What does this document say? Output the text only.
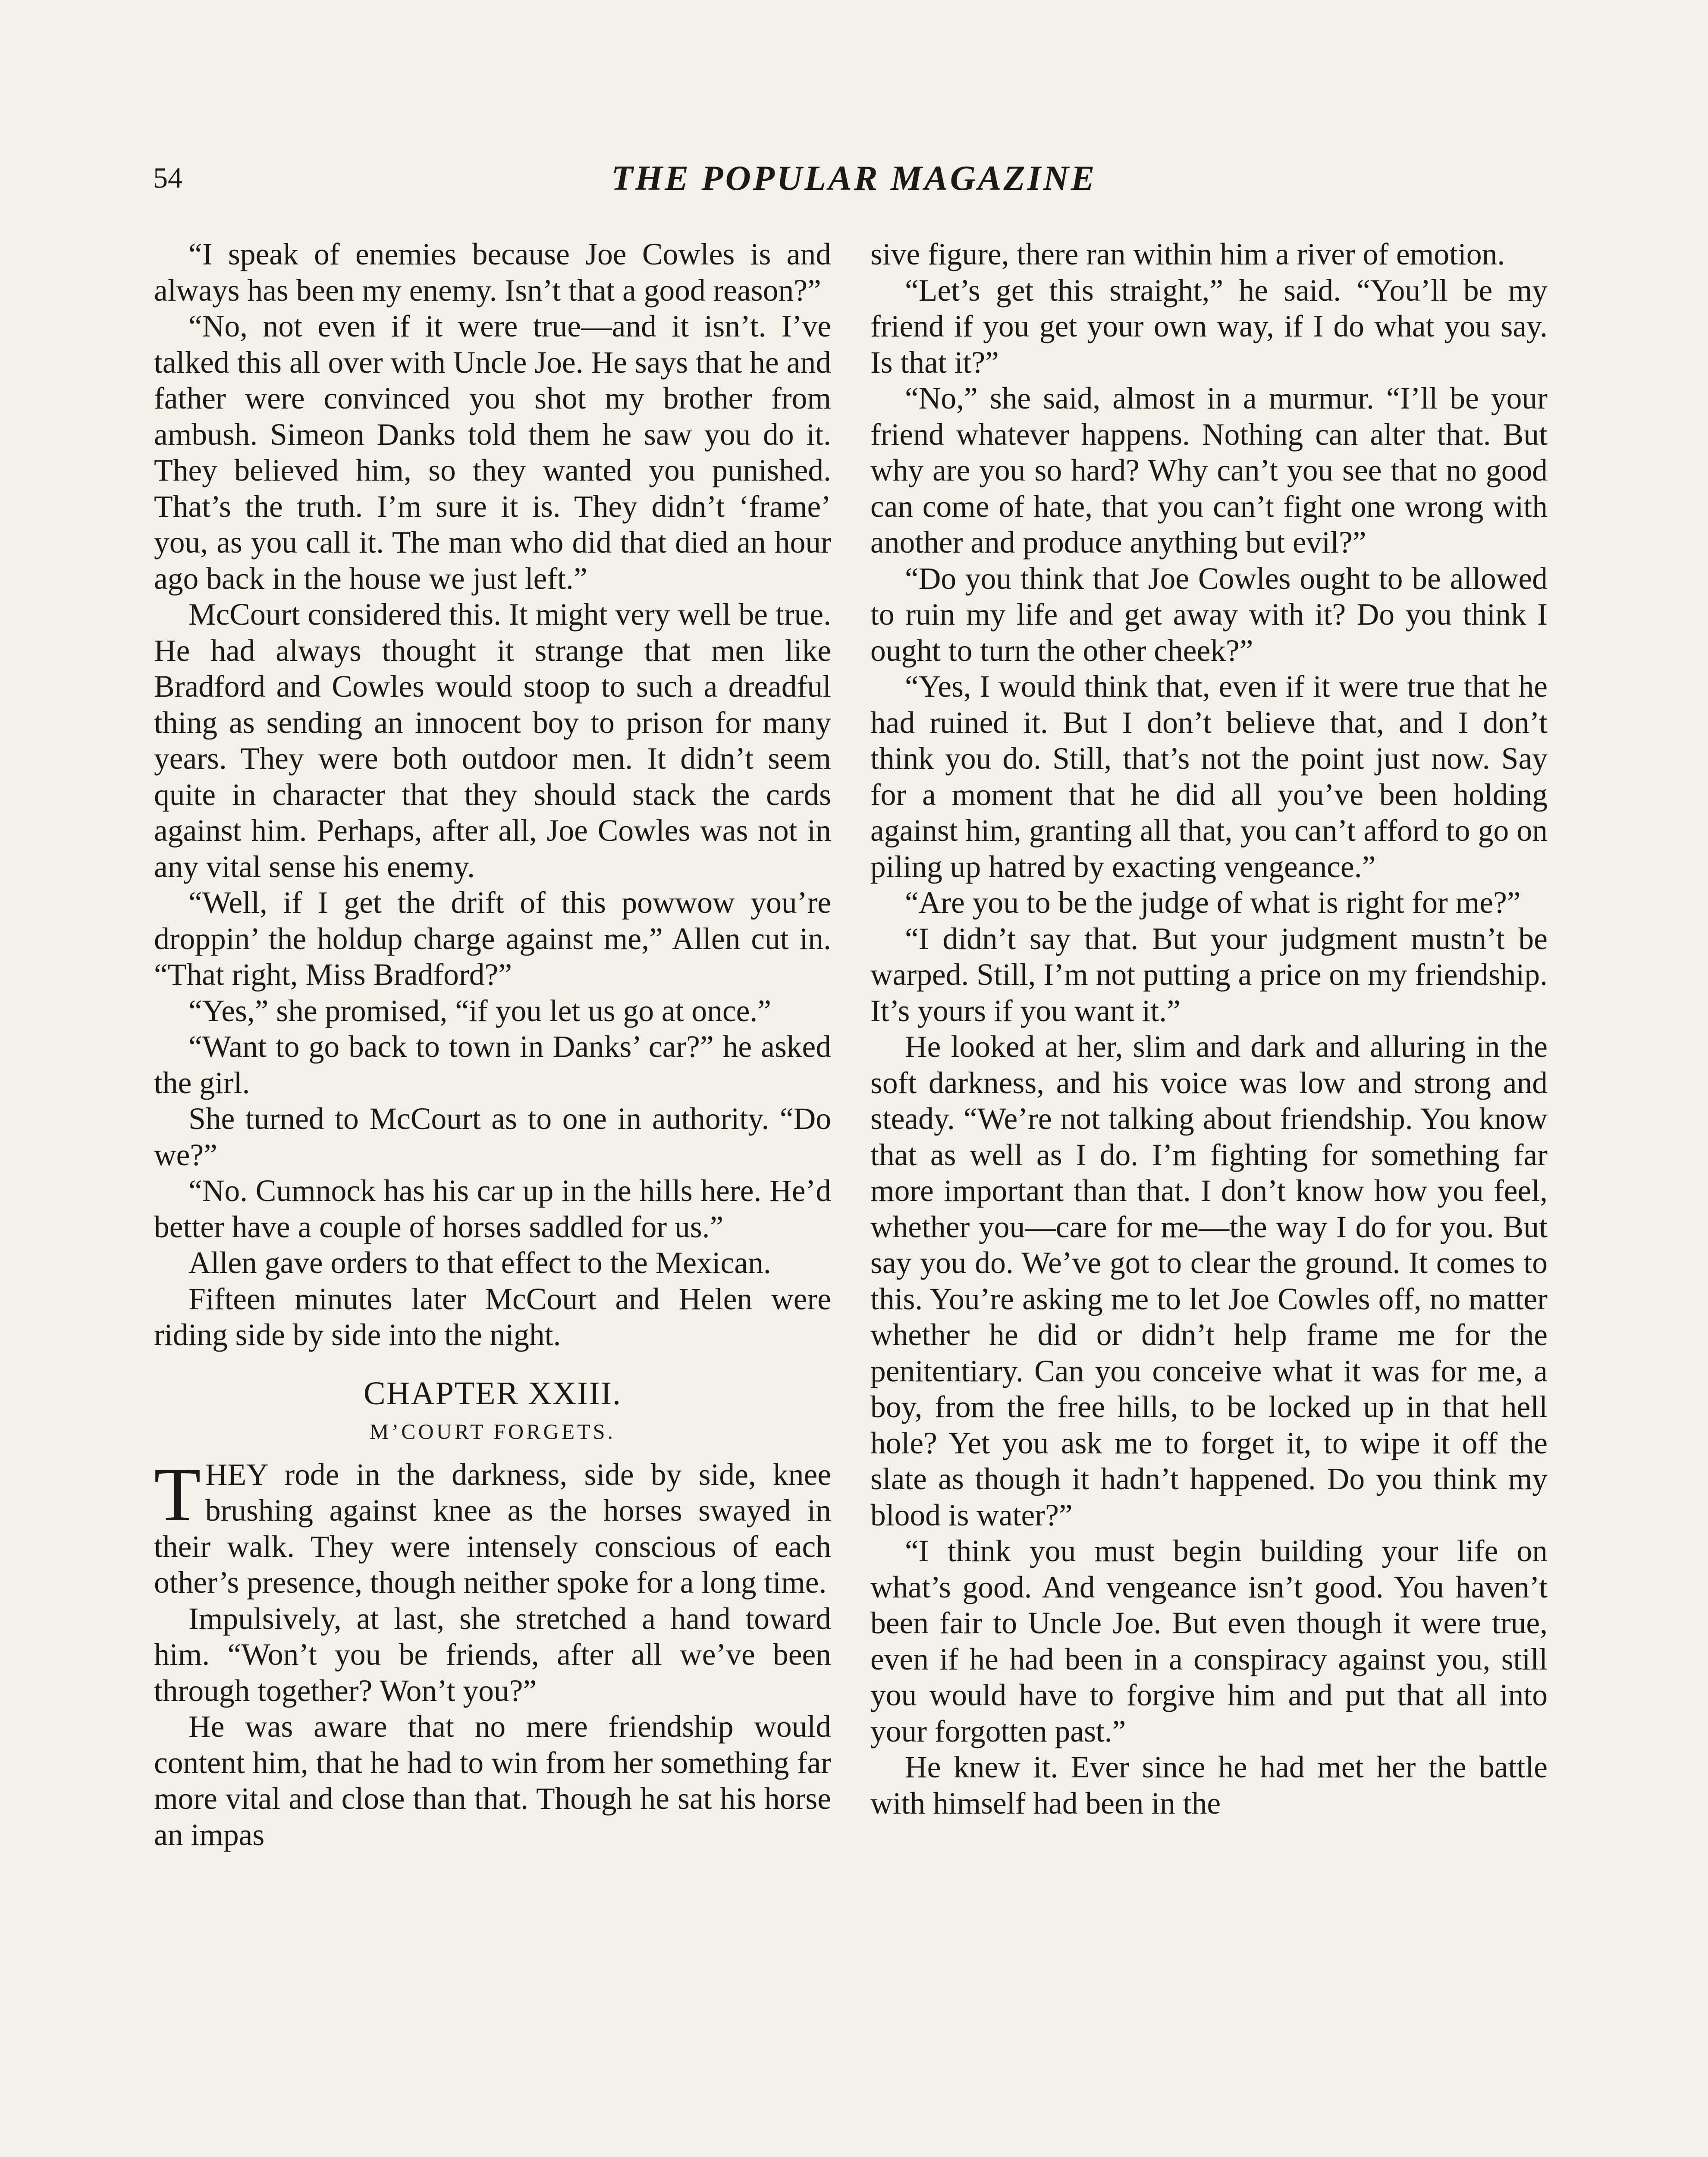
54	THE POPULAR MAGAZINE

“I speak of enemies because Joe Cowles is and always has been my enemy. Isn’t that a good reason?”

“No, not even if it were true—and it isn’t. I’ve talked this all over with Uncle Joe. He says that he and father were convinced you shot my brother from ambush. Simeon Danks told them he saw you do it. They believed him, so they wanted you punished. That’s the truth. I’m sure it is. They didn’t ‘frame’ you, as you call it. The man who did that died an hour ago back in the house we just left.”

McCourt considered this. It might very well be true. He had always thought it strange that men like Bradford and Cowles would stoop to such a dreadful thing as sending an innocent boy to prison for many years. They were both outdoor men. It didn’t seem quite in character that they should stack the cards against him. Perhaps, after all, Joe Cowles was not in any vital sense his enemy.

“Well, if I get the drift of this powwow you’re droppin’ the holdup charge against me,” Allen cut in. “That right, Miss Bradford?”

“Yes,” she promised, “if you let us go at once.”

“Want to go back to town in Danks’ car?” he asked the girl.

She turned to McCourt as to one in authority. “Do we?”

“No. Cumnock has his car up in the hills here. He’d better have a couple of horses saddled for us.”

Allen gave orders to that effect to the Mexican.

Fifteen minutes later McCourt and Helen were riding side by side into the night.

CHAPTER XXIII.
M’COURT FORGETS.

THEY rode in the darkness, side by side, knee brushing against knee as the horses swayed in their walk. They were intensely conscious of each other’s presence, though neither spoke for a long time.

Impulsively, at last, she stretched a hand toward him. “Won’t you be friends, after all we’ve been through together? Won’t you?”

He was aware that no mere friendship would content him, that he had to win from her something far more vital and close than that. Though he sat his horse an impas

sive figure, there ran within him a river of emotion.

“Let’s get this straight,” he said. “You’ll be my friend if you get your own way, if I do what you say. Is that it?”

“No,” she said, almost in a murmur. “I’ll be your friend whatever happens. Nothing can alter that. But why are you so hard? Why can’t you see that no good can come of hate, that you can’t fight one wrong with another and produce anything but evil?”

“Do you think that Joe Cowles ought to be allowed to ruin my life and get away with it? Do you think I ought to turn the other cheek?”

“Yes, I would think that, even if it were true that he had ruined it. But I don’t believe that, and I don’t think you do. Still, that’s not the point just now. Say for a moment that he did all you’ve been holding against him, granting all that, you can’t afford to go on piling up hatred by exacting vengeance.”

“Are you to be the judge of what is right for me?”

“I didn’t say that. But your judgment mustn’t be warped. Still, I’m not putting a price on my friendship. It’s yours if you want it.”

He looked at her, slim and dark and alluring in the soft darkness, and his voice was low and strong and steady. “We’re not talking about friendship. You know that as well as I do. I’m fighting for something far more important than that. I don’t know how you feel, whether you—care for me—the way I do for you. But say you do. We’ve got to clear the ground. It comes to this. You’re asking me to let Joe Cowles off, no matter whether he did or didn’t help frame me for the penitentiary. Can you conceive what it was for me, a boy, from the free hills, to be locked up in that hell hole? Yet you ask me to forget it, to wipe it off the slate as though it hadn’t happened. Do you think my blood is water?”

“I think you must begin building your life on what’s good. And vengeance isn’t good. You haven’t been fair to Uncle Joe. But even though it were true, even if he had been in a conspiracy against you, still you would have to forgive him and put that all into your forgotten past.”

He knew it. Ever since he had met her the battle with himself had been in the
